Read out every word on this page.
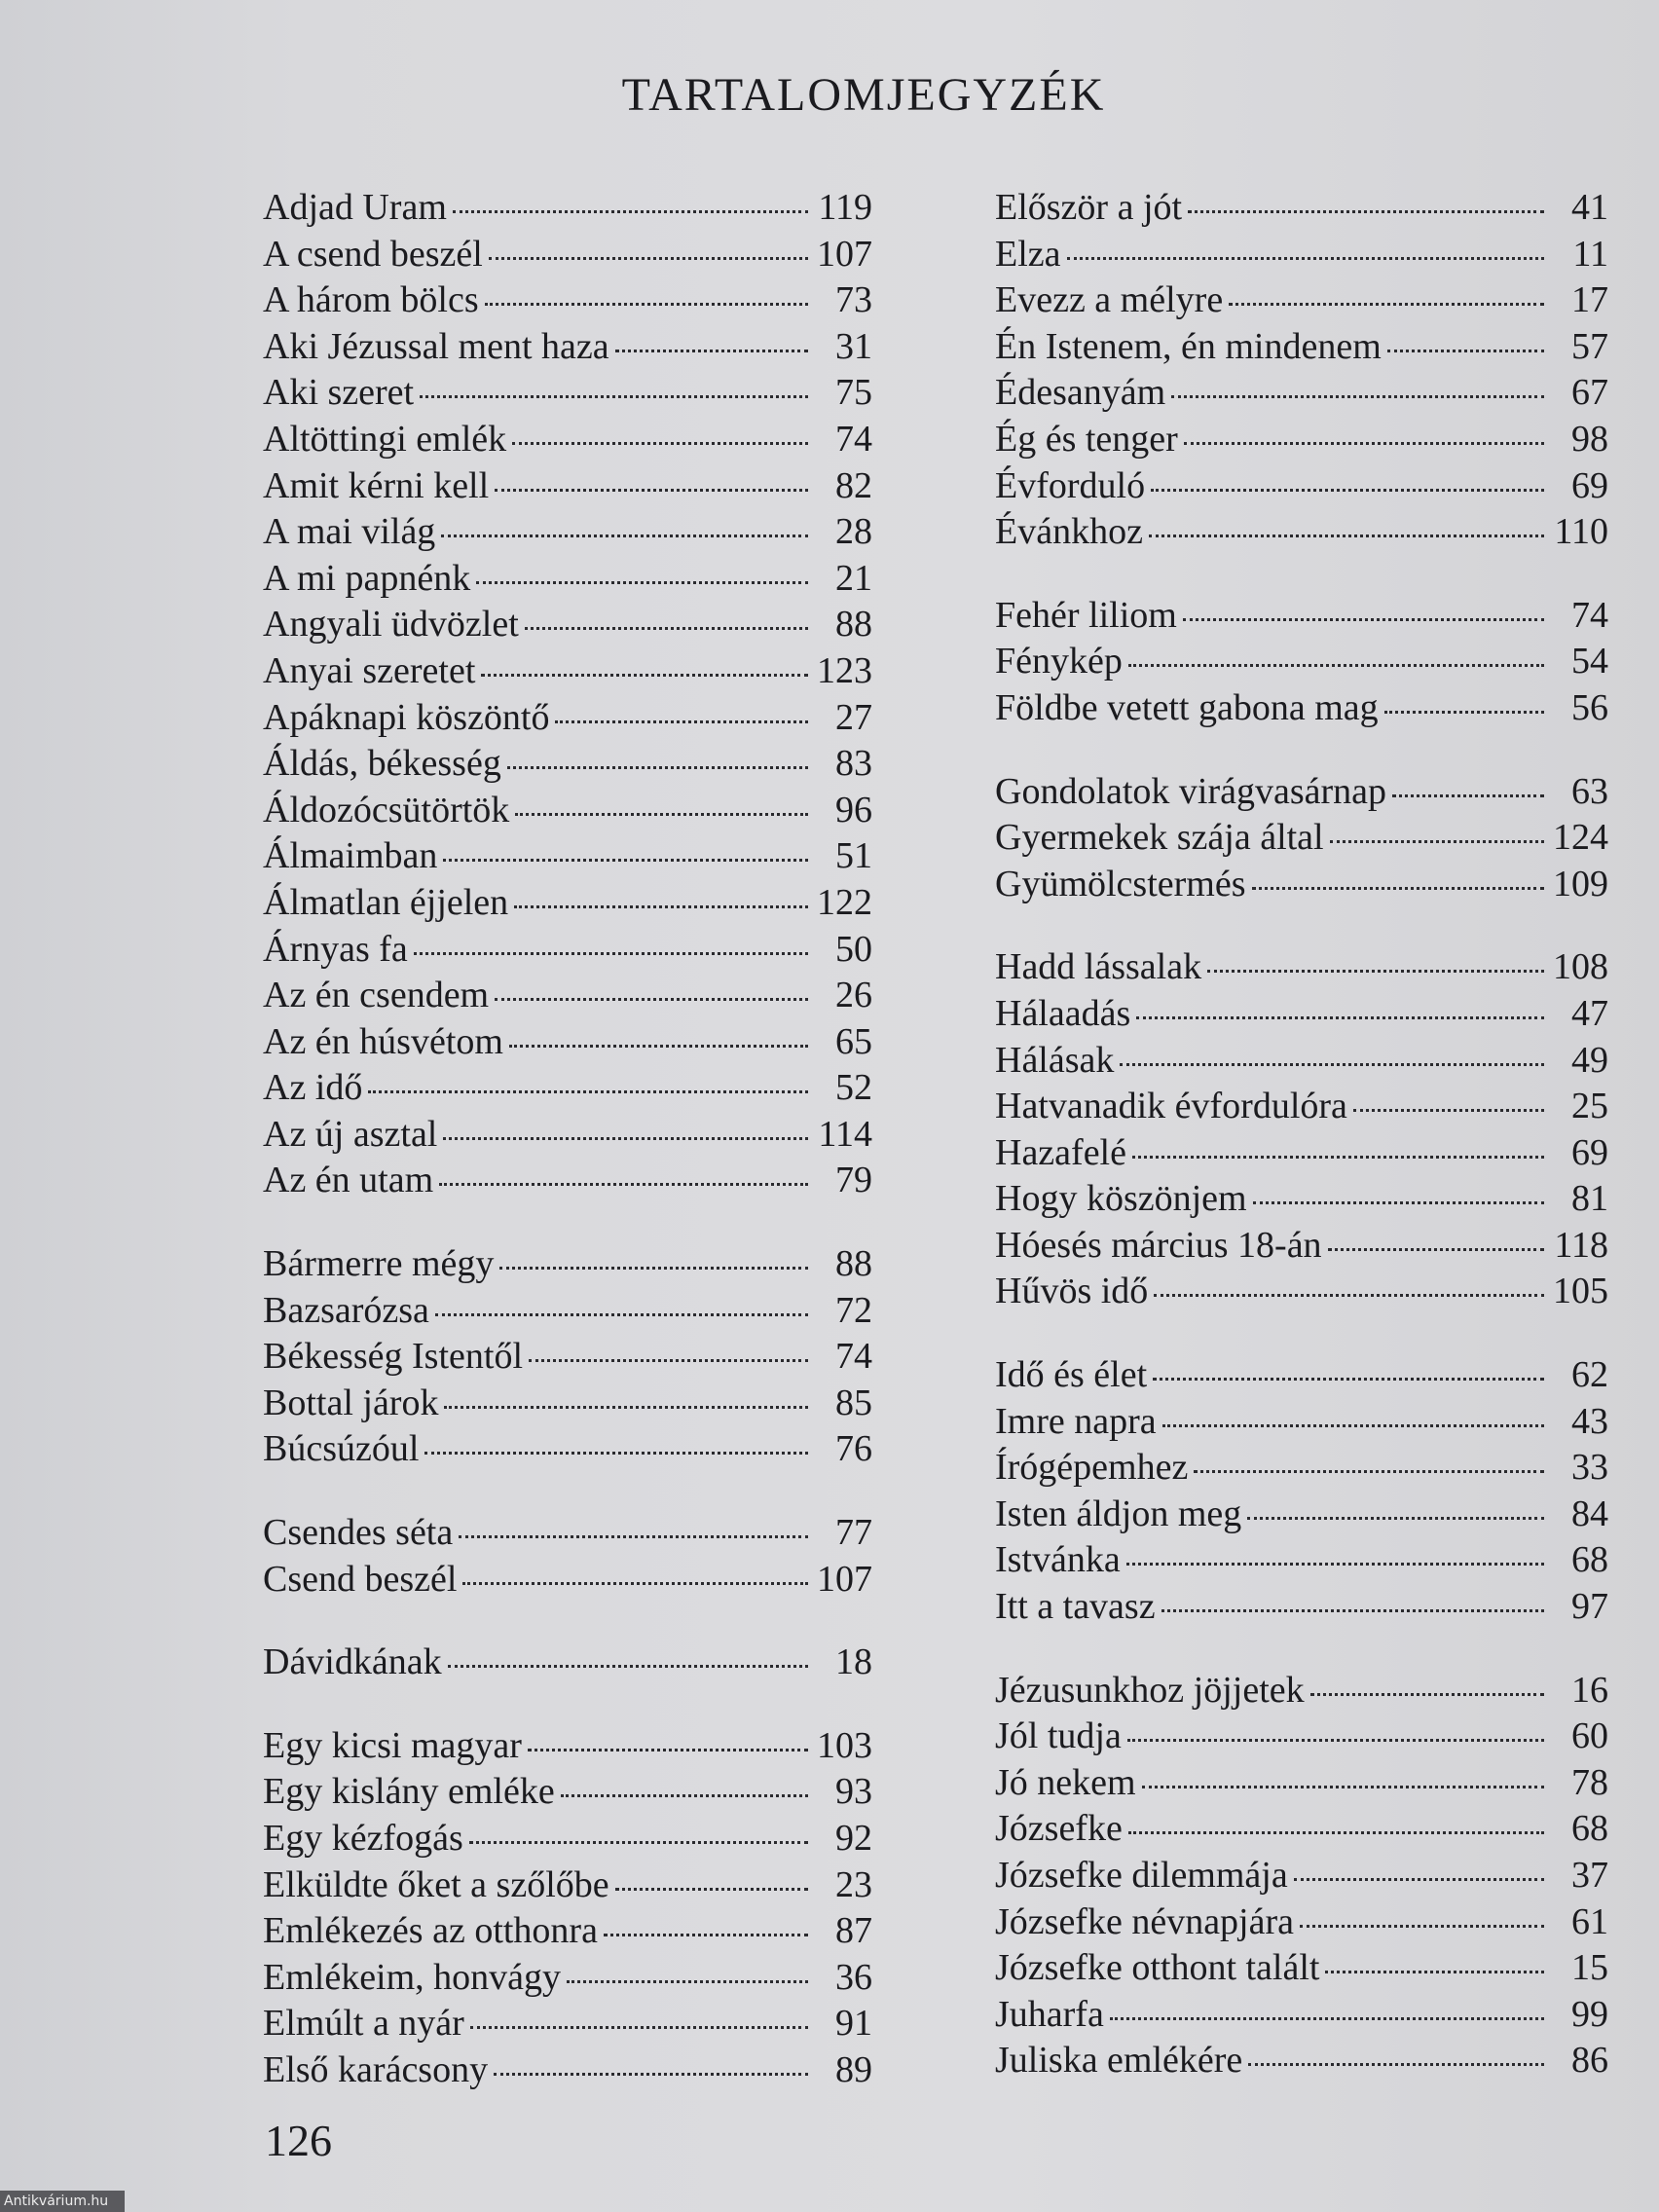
TARTALOMJEGYZÉK
Adjad Uram	119
A csend beszél	107
A három bölcs	73
Aki Jézussal ment haza	31
Aki szeret	75
Altöttingi emlék	74
Amit kérni kell	82
A mai világ	28
A mi papnénk	21
Angyali üdvözlet	88
Anyai szeretet	123
Apáknapi köszöntő	27
Áldás, békesség	83
Áldozócsütörtök	96
Álmaimban	51
Álmatlan éjjelen	122
Árnyas fa	50
Az én csendem	26
Az én húsvétom	65
Az idő	52
Az új asztal	114
Az én utam	79
Bármerre mégy	88
Bazsarózsa	72
Békesség Istentől	74
Bottal járok	85
Búcsúzóul	76
Csendes séta	77
Csend beszél	107
Dávidkának	18
Egy kicsi magyar	103
Egy kislány emléke	93
Egy kézfogás	92
Elküldte őket a szőlőbe	23
Emlékezés az otthonra	87
Emlékeim, honvágy	36
Elmúlt a nyár	91
Első karácsony	89
Először a jót	41
Elza	11
Evezz a mélyre	17
Én Istenem, én mindenem	57
Édesanyám	67
Ég és tenger	98
Évforduló	69
Évánkhoz	110
Fehér liliom	74
Fénykép	54
Földbe vetett gabona mag	56
Gondolatok virágvasárnap	63
Gyermekek szája által	124
Gyümölcstermés	109
Hadd lássalak	108
Hálaadás	47
Hálásak	49
Hatvanadik évfordulóra	25
Hazafelé	69
Hogy köszönjem	81
Hóesés március 18-án	118
Hűvös idő	105
Idő és élet	62
Imre napra	43
Írógépemhez	33
Isten áldjon meg	84
Istvánka	68
Itt a tavasz	97
Jézusunkhoz jöjjetek	16
Jól tudja	60
Jó nekem	78
Józsefke	68
Józsefke dilemmája	37
Józsefke névnapjára	61
Józsefke otthont talált	15
Juharfa	99
Juliska emlékére	86
126
Antikvárium.hu
